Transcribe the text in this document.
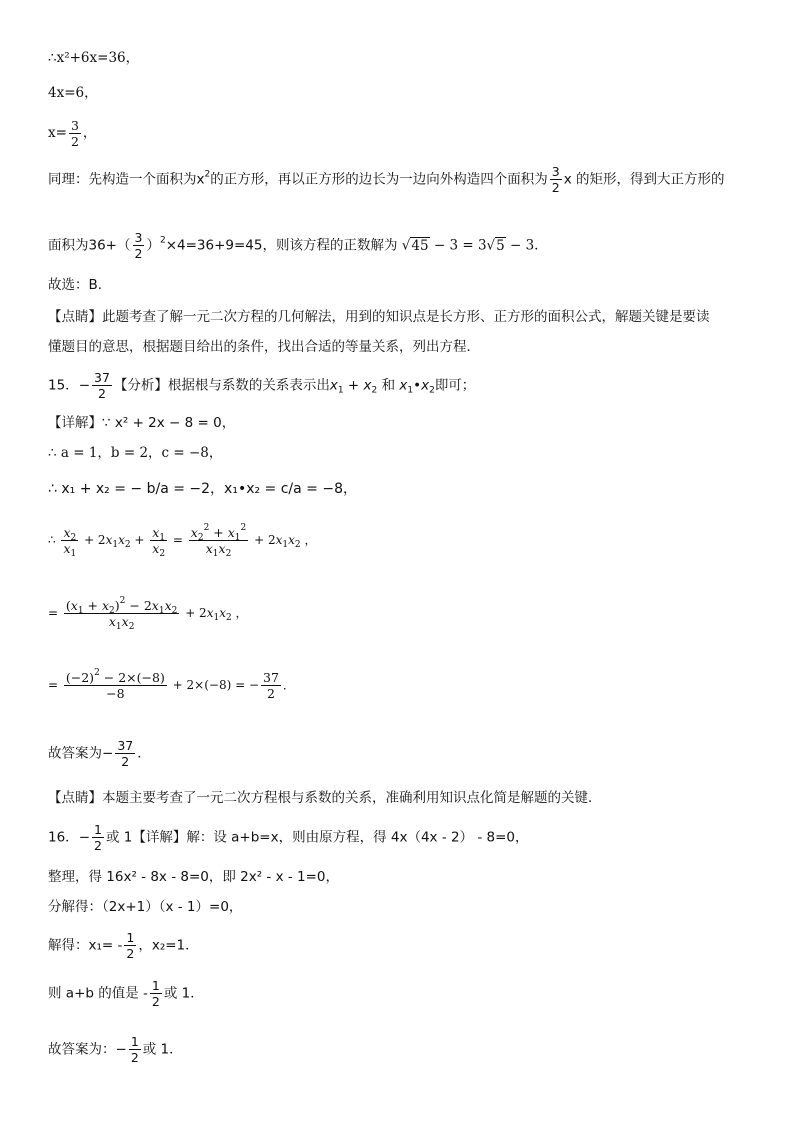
∴x²+6x=36，
4x=6，
$x= \frac{3}{2}$ ，
同理：先构造一个面积为$x^2$的正方形，再以正方形的边长为一边向外构造四个面积为 $\frac{3}{2}$ x 的矩形，得到大正方形的
面积为$36+( \frac{3}{2} )^2\times 4=36+9=45$，则该方程的正数解为 √45 − 3 = 3√5 − 3．
故选：B．
【点睛】此题考查了解一元二次方程的几何解法，用到的知识点是长方形、正方形的面积公式，解题关键是要读
懂题目的意思，根据题目给出的条件，找出合适的等量关系，列出方程．
15．− $\frac{37}{2}$ 【分析】根据根与系数的关系表示出$x_1 + x_2$ 和 $x_1•x_2$即可；
【详解】∵ x² + 2x − 8 = 0，
∴ a = 1，b = 2，c = −8，
∴ x₁ + x₂ = − b/a = −2，x₁•x₂ = c/a = −8，
∴ $\frac{x_2}{x_1} + 2x_1x_2 + \frac{x_1}{x_2} = \frac{x_2^2 + x_1^2}{x_1x_2} + 2x_1x_2$ ，
= $\frac{(x_1 + x_2)^2 - 2x_1x_2}{x_1x_2} + 2x_1x_2$ ，
= $\frac{(-2)^2 - 2\times(-8)}{-8} + 2\times(-8)$ = − $\frac{37}{2}$ ．
故答案为− $\frac{37}{2}$ ．
【点睛】本题主要考查了一元二次方程根与系数的关系，准确利用知识点化简是解题的关键．
16．− $\frac{1}{2}$ 或 1【详解】解：设 a+b=x，则由原方程，得 4x（4x - 2） - 8=0，
整理，得 16x² - 8x - 8=0，即 2x² - x - 1=0，
分解得：（2x+1）（x - 1）=0，
解得：$x_1= - \frac{1}{2}$ ，x₂=1．
则 a+b 的值是 - $\frac{1}{2}$ 或 1．
故答案为：− $\frac{1}{2}$ 或 1．
